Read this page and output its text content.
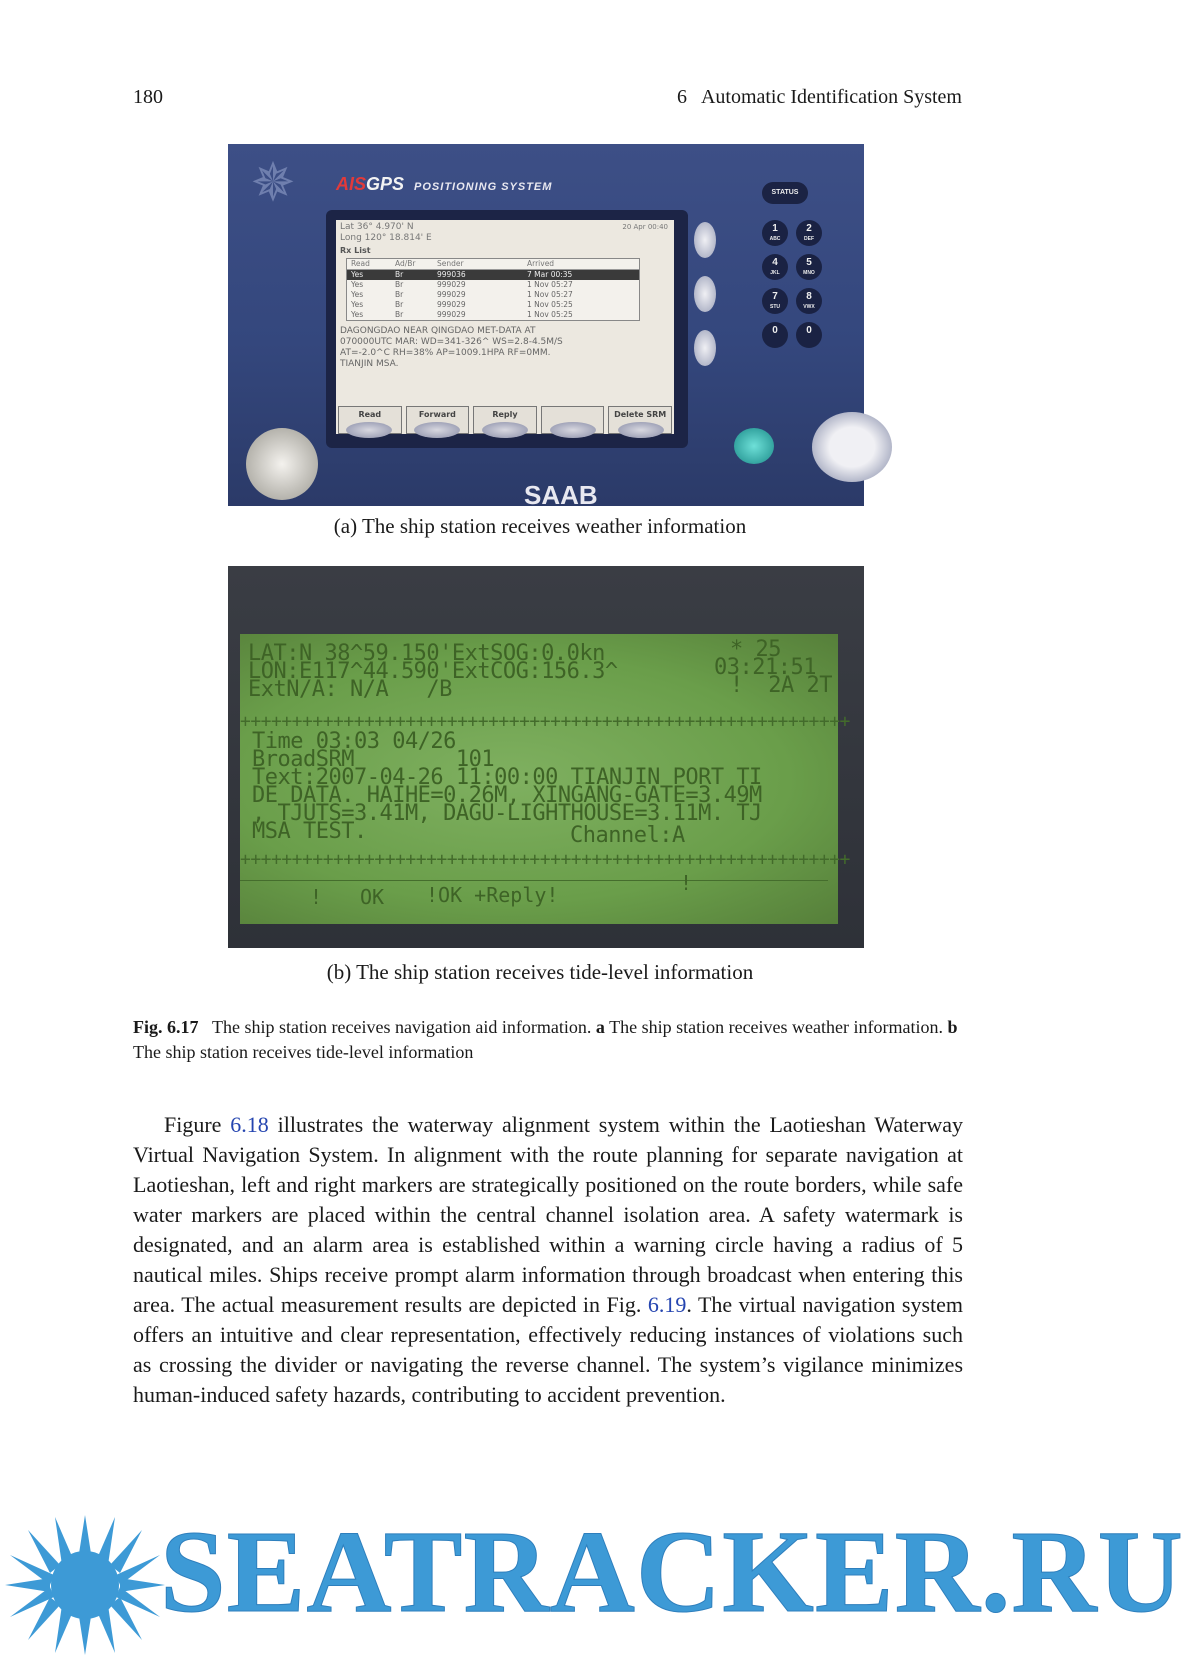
180	6 Automatic Identification System
✵	AISGPS POSITIONING SYSTEM
Lat 36° 4.970' N
Long 120° 18.814' E
20 Apr 00:40
Rx List
Read	Ad/Br	Sender	Arrived
Yes	Br	999036	7 Mar 00:35
Yes	Br	999029	1 Nov 05:27
Yes	Br	999029	1 Nov 05:27
Yes	Br	999029	1 Nov 05:25
Yes	Br	999029	1 Nov 05:25
DAGONGDAO NEAR QINGDAO MET-DATA AT
070000UTC MAR: WD=341-326^ WS=2.8-4.5M/S
AT=-2.0^C RH=38% AP=1009.1HPA RF=0MM.
TIANJIN MSA.
Read	Forward	Reply	Delete SRM
STATUS
1
ABC
2
DEF
4
JKL
5
MNO
7
STU
8
VWX
0	0
SAAB
(a) The ship station receives weather information
LAT:N 38^59.150'ExtSOG:0.0kn
LON:E117^44.590'ExtCOG:156.3^
ExtN/A: N/A   /B
* 25
03:21:51
!  2A 2T
+++++++++++++++++++++++++++++++++++++++++++++++++++++++++++
Time 03:03 04/26
BroadSRM        101
Text:2007-04-26 11:00:00 TIANJIN PORT TI
DE DATA. HAIHE=0.26M, XINGANG-GATE=3.49M
, TJUTS=3.41M, DAGU-LIGHTHOUSE=3.11M. TJ
MSA TEST.	Channel:A
+++++++++++++++++++++++++++++++++++++++++++++++++++++++++++
! OK !OK +Reply!	!
(b) The ship station receives tide-level information
Fig. 6.17 The ship station receives navigation aid information. a The ship station receives weather information. b The ship station receives tide-level information

Figure 6.18 illustrates the waterway alignment system within the Laotieshan Waterway Virtual Navigation System. In alignment with the route planning for separate navigation at Laotieshan, left and right markers are strategically positioned on the route borders, while safe water markers are placed within the central channel isolation area. A safety watermark is designated, and an alarm area is established within a warning circle having a radius of 5 nautical miles. Ships receive prompt alarm information through broadcast when entering this area. The actual measurement results are depicted in Fig. 6.19. The virtual navigation system offers an intuitive and clear representation, effectively reducing instances of violations such as crossing the divider or navigating the reverse channel. The system’s vigilance minimizes human-induced safety hazards, contributing to accident prevention.

SEATRACKER.RU
